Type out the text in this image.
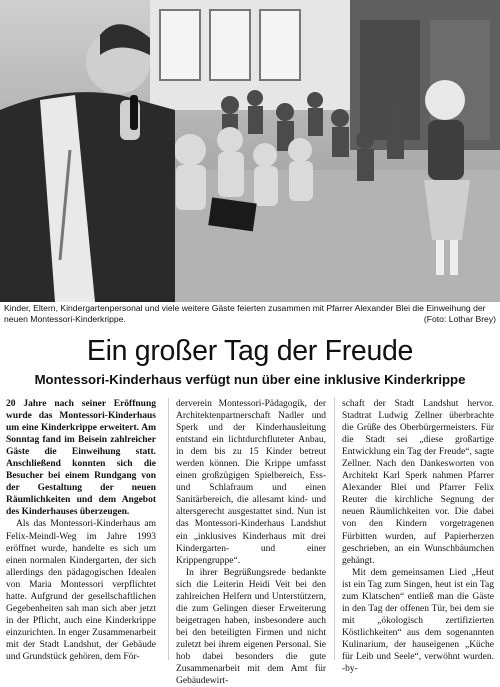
Kinder, Eltern, Kindergartenpersonal und viele weitere Gäste feierten zusammen mit Pfarrer Alexander Blei die Einweihung der neuen Montessori-Kinderkrippe.	(Foto: Lothar Brey)
Ein großer Tag der Freude
Montessori-Kinderhaus verfügt nun über eine inklusive Kinderkrippe

20 Jahre nach seiner Eröffnung wurde das Montessori-Kinderhaus um eine Kinderkrippe erweitert. Am Sonntag fand im Beisein zahlreicher Gäste die Einweihung statt. Anschließend konnten sich die Besucher bei einem Rundgang von der Gestaltung der neuen Räumlichkeiten und dem Angebot des Kinderhauses überzeugen.

Als das Montessori-Kinderhaus am Felix-Meindl-Weg im Jahre 1993 eröffnet wurde, handelte es sich um einen normalen Kindergarten, der sich allerdings den pädagogischen Idealen von Maria Montessori verpflichtet hatte. Aufgrund der gesellschaftlichen Gegebenheiten sah man sich aber jetzt in der Pflicht, auch eine Kinderkrippe einzurichten. In enger Zusammenarbeit mit der Stadt Landshut, der Gebäude und Grundstück gehören, dem För-

derverein Montessori-Pädagogik, der Architektenpartnerschaft Nadler und Sperk und der Kinderhausleitung entstand ein lichtdurchfluteter Anbau, in dem bis zu 15 Kinder betreut werden können. Die Krippe umfasst einen großzügigen Spielbereich, Ess- und Schlafraum und einen Sanitärbereich, die allesamt kind- und altersgerecht ausgestattet sind. Nun ist das Montessori-Kinderhaus Landshut ein „inklusives Kinderhaus mit drei Kindergarten- und einer Krippengruppe“.

In ihrer Begrüßungsrede bedankte sich die Leiterin Heidi Veit bei den zahlreichen Helfern und Unterstützern, die zum Gelingen dieser Erweiterung beigetragen haben, insbesondere auch bei den beteiligten Firmen und nicht zuletzt bei ihrem eigenen Personal. Sie hob dabei besonders die gute Zusammenarbeit mit dem Amt für Gebäudewirt-

schaft der Stadt Landshut hervor. Stadtrat Ludwig Zellner überbrachte die Grüße des Oberbürgermeisters. Für die Stadt sei „diese großartige Entwicklung ein Tag der Freude“, sagte Zellner. Nach den Dankesworten von Architekt Karl Sperk nahmen Pfarrer Alexander Blei und Pfarrer Felix Reuter die kirchliche Segnung der neuen Räumlichkeiten vor. Die dabei von den Kindern vorgetragenen Fürbitten wurden, auf Papierherzen geschrieben, an ein Wunschbäumchen gehängt.

Mit dem gemeinsamen Lied „Heut ist ein Tag zum Singen, heut ist ein Tag zum Klatschen“ entließ man die Gäste in den Tag der offenen Tür, bei dem sie mit „ökologisch zertifizierten Köstlichkeiten“ aus dem sogenannten Kulinarium, der hauseigenen „Küche für Leib und Seele“, verwöhnt wurden. -by-
